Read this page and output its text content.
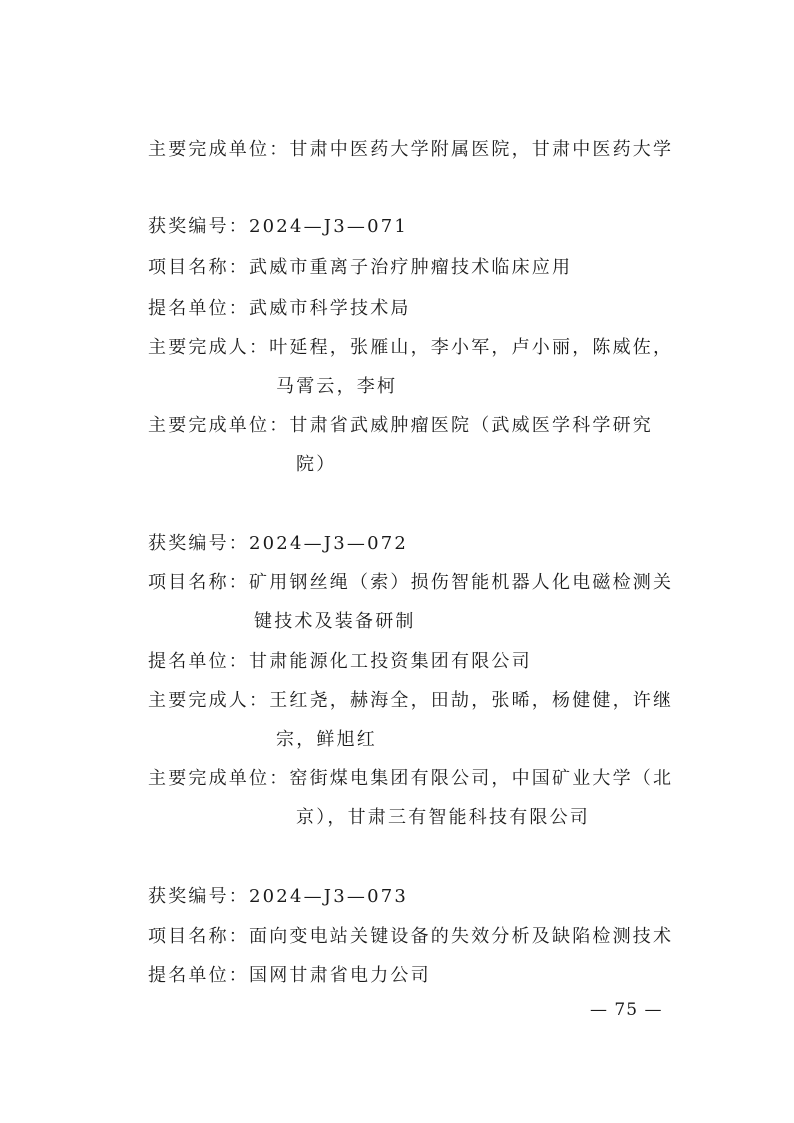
主要完成单位：甘肃中医药大学附属医院，甘肃中医药大学
获奖编号：2024—J3—071
项目名称：武威市重离子治疗肿瘤技术临床应用
提名单位：武威市科学技术局
主要完成人：叶延程，张雁山，李小军，卢小丽，陈威佐，
马霄云，李柯
主要完成单位：甘肃省武威肿瘤医院（武威医学科学研究
院）
获奖编号：2024—J3—072
项目名称：矿用钢丝绳（索）损伤智能机器人化电磁检测关
键技术及装备研制
提名单位：甘肃能源化工投资集团有限公司
主要完成人：王红尧，赫海全，田劼，张晞，杨健健，许继
宗，鲜旭红
主要完成单位：窑街煤电集团有限公司，中国矿业大学（北
京），甘肃三有智能科技有限公司
获奖编号：2024—J3—073
项目名称：面向变电站关键设备的失效分析及缺陷检测技术
提名单位：国网甘肃省电力公司
— 75 —
